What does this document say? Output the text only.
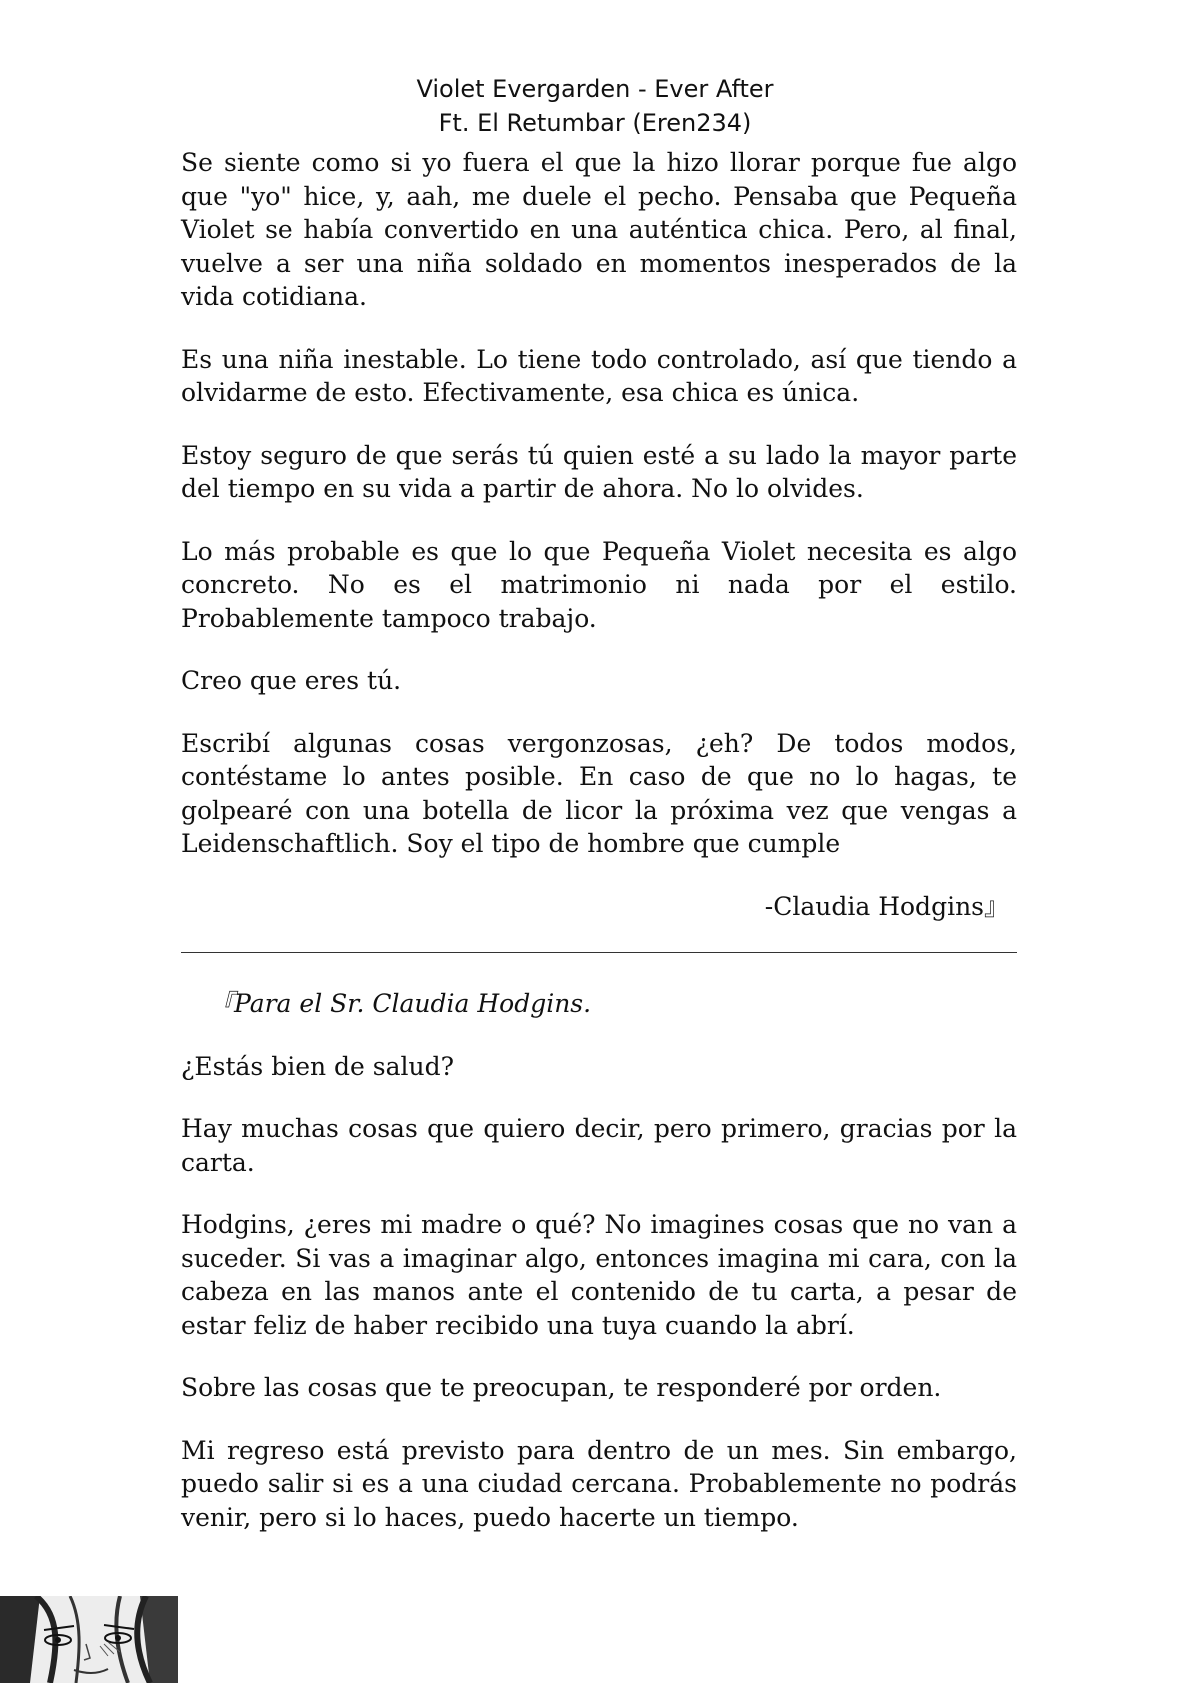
Violet Evergarden - Ever After
Ft. El Retumbar (Eren234)

Se siente como si yo fuera el que la hizo llorar porque fue algo que "yo" hice, y, aah, me duele el pecho. Pensaba que Pequeña Violet se había convertido en una auténtica chica. Pero, al final, vuelve a ser una niña soldado en momentos inesperados de la vida cotidiana.

Es una niña inestable. Lo tiene todo controlado, así que tiendo a olvidarme de esto. Efectivamente, esa chica es única.

Estoy seguro de que serás tú quien esté a su lado la mayor parte del tiempo en su vida a partir de ahora. No lo olvides.

Lo más probable es que lo que Pequeña Violet necesita es algo concreto. No es el matrimonio ni nada por el estilo. Probablemente tampoco trabajo.

Creo que eres tú.

Escribí algunas cosas vergonzosas, ¿eh? De todos modos, contéstame lo antes posible. En caso de que no lo hagas, te golpearé con una botella de licor la próxima vez que vengas a Leidenschaftlich. Soy el tipo de hombre que cumple

-Claudia Hodgins』

『Para el Sr. Claudia Hodgins.

¿Estás bien de salud?

Hay muchas cosas que quiero decir, pero primero, gracias por la carta.

Hodgins, ¿eres mi madre o qué? No imagines cosas que no van a suceder. Si vas a imaginar algo, entonces imagina mi cara, con la cabeza en las manos ante el contenido de tu carta, a pesar de estar feliz de haber recibido una tuya cuando la abrí.

Sobre las cosas que te preocupan, te responderé por orden.

Mi regreso está previsto para dentro de un mes. Sin embargo, puedo salir si es a una ciudad cercana. Probablemente no podrás venir, pero si lo haces, puedo hacerte un tiempo.
